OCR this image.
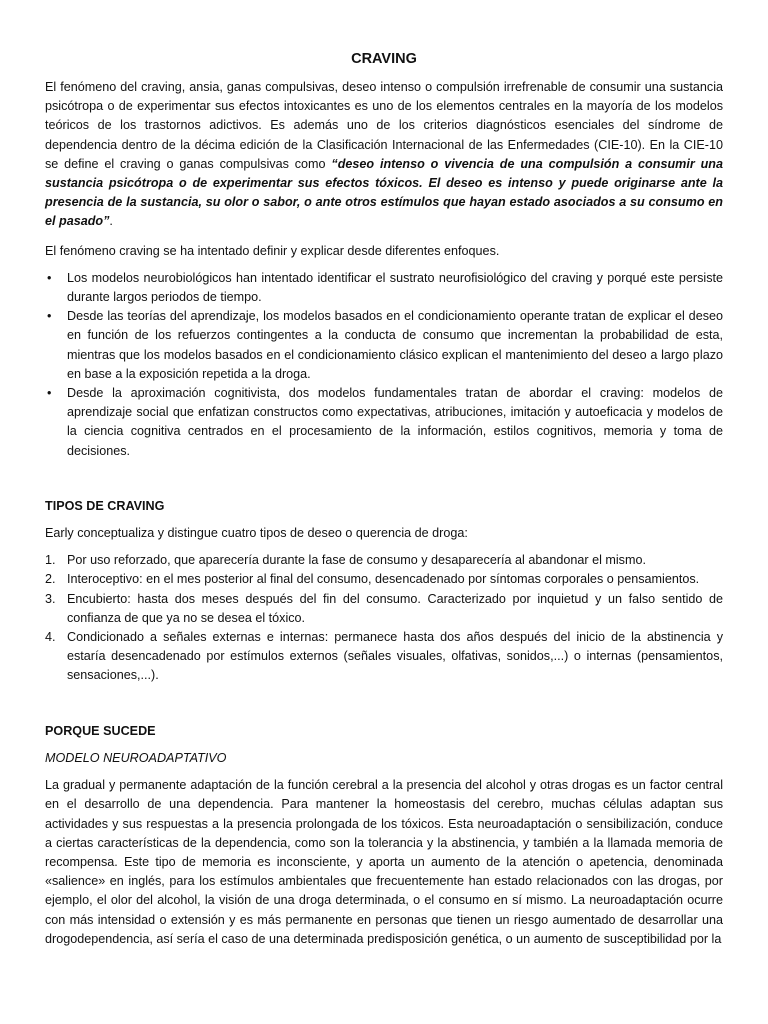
CRAVING

El fenómeno del craving, ansia, ganas compulsivas, deseo intenso o compulsión irrefrenable de consumir una sustancia psicótropa o de experimentar sus efectos intoxicantes es uno de los elementos centrales en la mayoría de los modelos teóricos de los trastornos adictivos. Es además uno de los criterios diagnósticos esenciales del síndrome de dependencia dentro de la décima edición de la Clasificación Internacional de las Enfermedades (CIE-10). En la CIE-10 se define el craving o ganas compulsivas como “deseo intenso o vivencia de una compulsión a consumir una sustancia psicótropa o de experimentar sus efectos tóxicos. El deseo es intenso y puede originarse ante la presencia de la sustancia, su olor o sabor, o ante otros estímulos que hayan estado asociados a su consumo en el pasado”.

El fenómeno craving se ha intentado definir y explicar desde diferentes enfoques.

• Los modelos neurobiológicos han intentado identificar el sustrato neurofisiológico del craving y porqué este persiste durante largos periodos de tiempo.
• Desde las teorías del aprendizaje, los modelos basados en el condicionamiento operante tratan de explicar el deseo en función de los refuerzos contingentes a la conducta de consumo que incrementan la probabilidad de esta, mientras que los modelos basados en el condicionamiento clásico explican el mantenimiento del deseo a largo plazo en base a la exposición repetida a la droga.
• Desde la aproximación cognitivista, dos modelos fundamentales tratan de abordar el craving: modelos de aprendizaje social que enfatizan constructos como expectativas, atribuciones, imitación y autoeficacia y modelos de la ciencia cognitiva centrados en el procesamiento de la información, estilos cognitivos, memoria y toma de decisiones.

TIPOS DE CRAVING

Early conceptualiza y distingue cuatro tipos de deseo o querencia de droga:

1. Por uso reforzado, que aparecería durante la fase de consumo y desaparecería al abandonar el mismo.
2. Interoceptivo: en el mes posterior al final del consumo, desencadenado por síntomas corporales o pensamientos.
3. Encubierto: hasta dos meses después del fin del consumo. Caracterizado por inquietud y un falso sentido de confianza de que ya no se desea el tóxico.
4. Condicionado a señales externas e internas: permanece hasta dos años después del inicio de la abstinencia y estaría desencadenado por estímulos externos (señales visuales, olfativas, sonidos,...) o internas (pensamientos, sensaciones,...).

PORQUE SUCEDE

MODELO NEUROADAPTATIVO

La gradual y permanente adaptación de la función cerebral a la presencia del alcohol y otras drogas es un factor central en el desarrollo de una dependencia. Para mantener la homeostasis del cerebro, muchas células adaptan sus actividades y sus respuestas a la presencia prolongada de los tóxicos. Esta neuroadaptación o sensibilización, conduce a ciertas características de la dependencia, como son la tolerancia y la abstinencia, y también a la llamada memoria de recompensa. Este tipo de memoria es inconsciente, y aporta un aumento de la atención o apetencia, denominada «salience» en inglés, para los estímulos ambientales que frecuentemente han estado relacionados con las drogas, por ejemplo, el olor del alcohol, la visión de una droga determinada, o el consumo en sí mismo. La neuroadaptación ocurre con más intensidad o extensión y es más permanente en personas que tienen un riesgo aumentado de desarrollar una drogodependencia, así sería el caso de una determinada predisposición genética, o un aumento de susceptibilidad por la
